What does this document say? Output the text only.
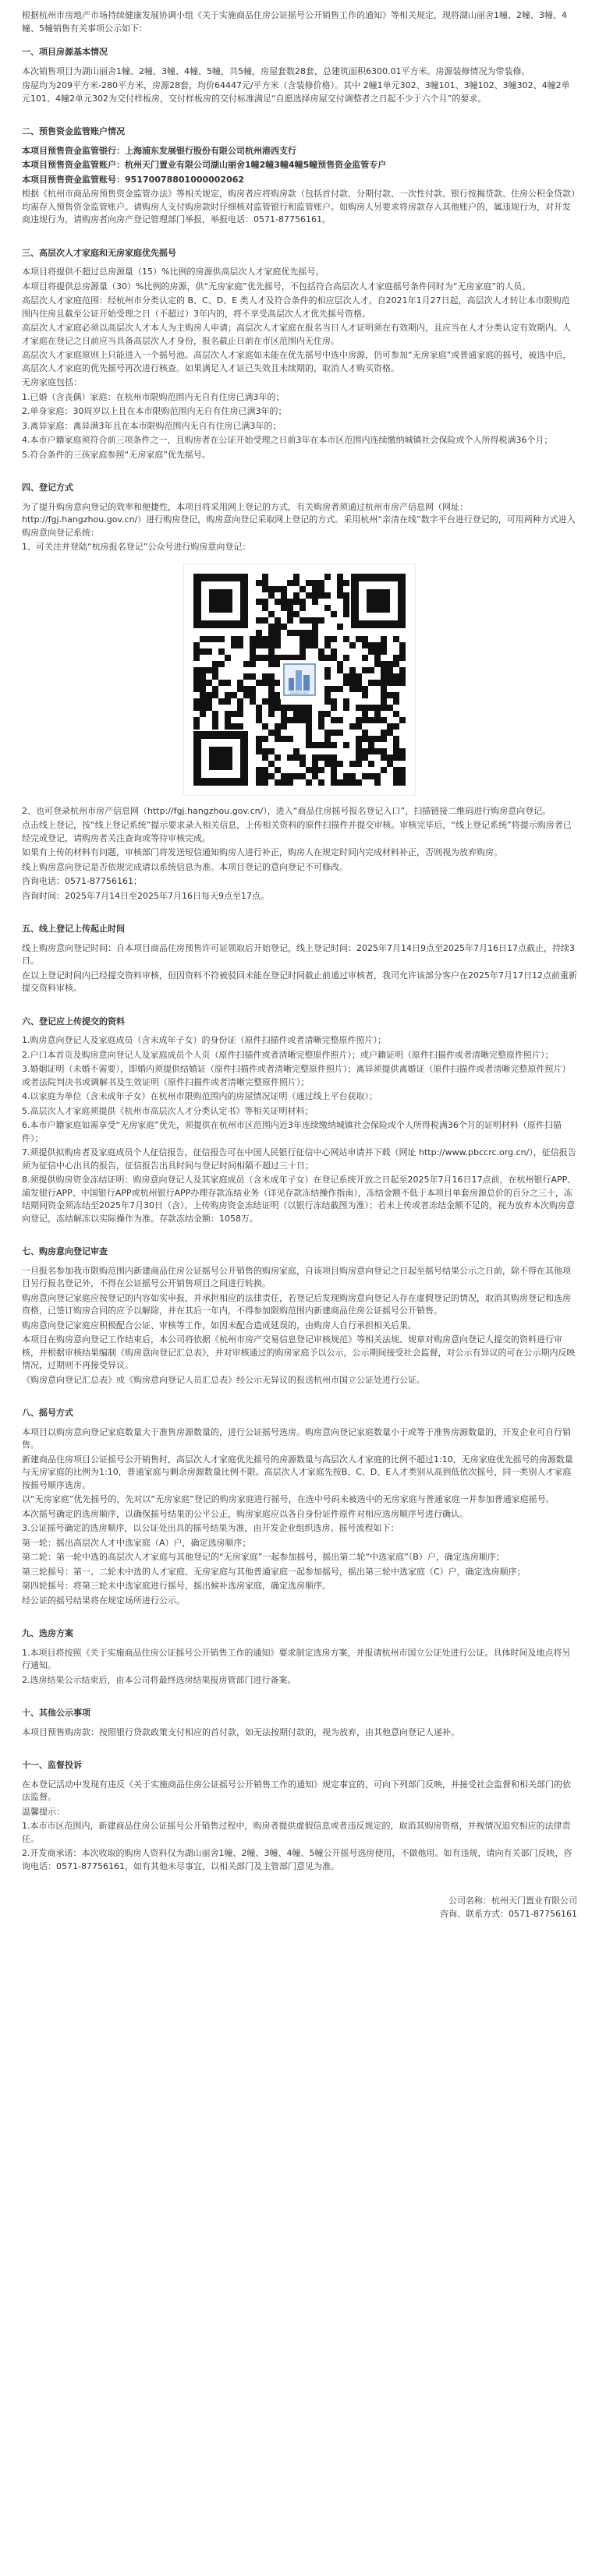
根据杭州市房地产市场持续健康发展协调小组《关于实施商品住房公证摇号公开销售工作的通知》等相关规定，现将湖山丽舍1幢、2幢、3幢、4幢、5幢销售有关事项公示如下：

一、项目房源基本情况

本次销售项目为湖山丽舍1幢、2幢、3幢、4幢、5幢，共5幢，房屋套数28套，总建筑面积6300.01平方米。房源装修情况为带装修。

房屋均为209平方米-280平方米，房源28套，均价64447元/平方米（含装修价格）。其中 2幢1单元302、3幢101、3幢102、3幢302、4幢2单元101、4幢2单元302为交付样板房，交付样板房的交付标准满足“自愿选择房屋交付调整者之日起不少于六个月”的要求。

二、预售资金监管账户情况

本项目预售资金监管银行：上海浦东发展银行股份有限公司杭州港西支行

本项目预售资金监管账户：杭州天门置业有限公司湖山丽舍1幢2幢3幢4幢5幢预售资金监管专户

本项目预售资金监管账号：95170078801000002062

根据《杭州市商品房预售资金监管办法》等相关规定，购房者应将购房款（包括首付款、分期付款、一次性付款、银行按揭贷款、住房公积金贷款）均需存入预售资金监管账户。请购房人支付购房款时仔细核对监管银行和监管账户。如购房人另要求将房款存入其他账户的，属违规行为，对开发商违规行为，请购房者向房产登记管理部门举报，举报电话：0571-87756161。

三、高层次人才家庭和无房家庭优先摇号

本项目将提供不超过总房源量（15）%比例的房源供高层次人才家庭优先摇号。

本项目将提供总房源量（30）%比例的房源，供“无房家庭”优先摇号，不包括符合高层次人才家庭摇号条件同时为“无房家庭”的人员。

高层次人才家庭范围：经杭州市分类认定的 B、C、D、E 类人才及符合条件的相应层次人才。自2021年1月27日起，高层次人才转让本市限购范围内住房且截至公证开始受理之日（不超过）3年内的，将不享受高层次人才优先摇号资格。

高层次人才家庭必须以高层次人才本人为主购房人申请；高层次人才家庭在报名当日人才证明须在有效期内，且应当在人才分类认定有效期内。人才家庭在登记之日前应当具备高层次人才身份，报名截止日前在市区范围内无住房。

高层次人才家庭原则上只能进入一个摇号池。高层次人才家庭如未能在优先摇号中选中房源，仍可参加“无房家庭”或普通家庭的摇号，被选中后，高层次人才家庭的优先摇号再次进行核查。如果满足人才证已失效且未续期的，取消人才购买资格。

无房家庭包括：

1.已婚（含丧偶）家庭：在杭州市限购范围内无自有住房已满3年的；

2.单身家庭：30周岁以上且在本市限购范围内无自有住房已满3年的；

3.离异家庭：离异满3年且在本市限购范围内无自有住房已满3年的；

4.本市户籍家庭须符合前三项条件之一，且购房者在公证开始受理之日前3年在本市区范围内连续缴纳城镇社会保险或个人所得税满36个月；

5.符合条件的三孩家庭参照“无房家庭”优先摇号。

四、登记方式

为了提升购房意向登记的效率和便捷性，本项目将采用网上登记的方式，有关购房者须通过杭州市房产信息网（网址：http://fgj.hangzhou.gov.cn/）进行购房登记，购房意向登记采取网上登记的方式。采用杭州“亲清在线”数字平台进行登记的，可用两种方式进入购房意向登记系统：

1、可关注并登陆“杭房报名登记”公众号进行购房意向登记：

杭房报名登记

2、也可登录杭州市房产信息网（http://fgj.hangzhou.gov.cn/），进入“商品住房摇号报名登记入口”，扫描链接二维码进行购房意向登记。

点击线上登记，按“线上登记系统”提示要求录入相关信息，上传相关资料的原件扫描件并提交审核。审核完毕后，“线上登记系统”将提示购房者已经完成登记，请购房者关注查询或等待审核完成。

如果有上传的材料有问题，审核部门将发送短信通知购房人进行补正，购房人在规定时间内完成材料补正，否则视为放弃购房。

线上购房意向登记是否依规完成请以系统信息为准。本项目登记的意向登记不可修改。

咨询电话：0571-87756161；

咨询时间：2025年7月14日至2025年7月16日每天9点至17点。

五、线上登记上传起止时间

线上购房意向登记时间：自本项目商品住房预售许可证领取后开始登记，线上登记时间：2025年7月14日9点至2025年7月16日17点截止，持续3日。

在以上登记时间内已经提交资料审核，但因资料不符被驳回未能在登记时间截止前通过审核者，我司允许该部分客户在2025年7月17日12点前重新提交资料审核。

六、登记应上传提交的资料

1.购房意向登记人及家庭成员（含未成年子女）的身份证（原件扫描件或者清晰完整原件照片）；

2.户口本首页及购房意向登记人及家庭成员个人页（原件扫描件或者清晰完整原件照片）；或户籍证明（原件扫描件或者清晰完整原件照片）；

3.婚姻证明（未婚不需要），即婚内须提供结婚证（原件扫描件或者清晰完整原件照片）；离异须提供离婚证（原件扫描件或者清晰完整原件照片）或者法院判决书或调解书及生效证明（原件扫描件或者清晰完整原件照片）；

4.以家庭为单位（含未成年子女）在杭州市限购范围内的房屋情况证明（通过线上平台获取）；

5.高层次人才家庭须提供《杭州市高层次人才分类认定书》等相关证明材料；

6.本市户籍家庭如需享受“无房家庭”优先，须提供在杭州市区范围内近3年连续缴纳城镇社会保险或个人所得税满36个月的证明材料（原件扫描件）；

7.须提供拟购房者及家庭成员个人征信报告，征信报告可在中国人民银行征信中心网站申请并下载（网址 http://www.pbccrc.org.cn/），征信报告须为征信中心出具的报告，征信报告出具时间与登记时间相隔不超过三十日；

8.须提供购房资金冻结证明：购房意向登记人及其家庭成员（含未成年子女）在登记系统开放之日起至2025年7月16日17点前，在杭州银行APP、浦发银行APP、中国银行APP或杭州银行APP办理存款冻结业务（详见存款冻结操作指南），冻结金额不低于本项目单套房源总价的百分之三十，冻结期间资金须冻结至2025年7月30日（含），上传购房资金冻结证明（以银行冻结截图为准）；若未上传或者冻结金额不足的，视为放弃本次购房意向登记，冻结解冻以实际操作为准。存款冻结金额：1058万。

七、购房意向登记审查

一旦报名参加我市限购范围内新建商品住房公证摇号公开销售的购房家庭，自该项目购房意向登记之日起至摇号结果公示之日前，除不得在其他项目另行报名登记外，不得在公证摇号公开销售项目之间进行转换。

购房意向登记家庭应按登记的内容如实申报，并承担相应的法律责任，若登记后发现购房意向登记人存在虚假登记的情况，取消其购房登记和选房资格，已签订购房合同的应予以解除，并在其后一年内，不得参加限购范围内新建商品住房公证摇号公开销售。

购房意向登记家庭应积极配合公证、审核等工作，如因未配合造成延误的，由购房人自行承担相关后果。

本项目在购房意向登记工作结束后，本公司将依据《杭州市房产交易信息登记审核规范》等相关法规、规章对购房意向登记人提交的资料进行审核，并根据审核结果编制《购房意向登记汇总表》，并对审核通过的购房家庭予以公示，公示期间接受社会监督，对公示有异议的可在公示期内反映情况，过期则不再接受异议。

《购房意向登记汇总表》或《购房意向登记人员汇总表》经公示无异议的报送杭州市国立公证处进行公证。

八、摇号方式

本项目以购房意向登记家庭数量大于准售房源数量的，进行公证摇号选房。购房意向登记家庭数量小于或等于准售房源数量的，开发企业可自行销售。

新建商品住房项目公证摇号公开销售时，高层次人才家庭优先摇号的房源数量与高层次人才家庭的比例不超过1:10，无房家庭优先摇号的房源数量与无房家庭的比例为1:10，普通家庭与剩余房源数量比例不限。高层次人才家庭先按B、C、D、E人才类别从高到低依次摇号，同一类别人才家庭按摇号顺序选房。

以“无房家庭”优先摇号的，先对以“无房家庭”登记的购房家庭进行摇号，在选中号码未被选中的无房家庭与普通家庭一并参加普通家庭摇号。

本次摇号确定的选房顺序，以确保摇号结果的公平公正，购房家庭应以各自身份证件原件对相应选房顺序号进行确认。

3.公证摇号确定的选房顺序，以公证处出具的摇号结果为准，由开发企业组织选房。摇号流程如下：

第一轮：摇出高层次人才中选家庭（A）户，确定选房顺序；

第二轮：第一轮中选的高层次人才家庭与其他登记的“无房家庭”一起参加摇号，摇出第二轮“中选家庭”（B）户，确定选房顺序；

第三轮摇号：第一、二轮未中选的人才家庭、无房家庭与其他普通家庭一起参加摇号，摇出第三轮中选家庭（C）户，确定选房顺序；

第四轮摇号：将第三轮未中选家庭进行摇号，摇出候补选房家庭，确定选房顺序。

经公证的摇号结果将在规定场所进行公示。

九、选房方案

1.本项目将按照《关于实施商品住房公证摇号公开销售工作的通知》要求制定选房方案，并报请杭州市国立公证处进行公证。具体时间及地点将另行通知。

2.选房结果公示结束后，由本公司将最终选房结果报房管部门进行备案。

十、其他公示事项

本项目预售购房款：按照银行贷款政策支付相应的首付款，如无法按期付款的，视为放弃，由其他意向登记人递补。

十一、监督投诉

在本登记活动中发现有违反《关于实施商品住房公证摇号公开销售工作的通知》规定事宜的，可向下列部门反映，并接受社会监督和相关部门的依法监督。

温馨提示：

1.本市市区范围内，新建商品住房公证摇号公开销售过程中，购房者提供虚假信息或者违反规定的，取消其购房资格，并视情况追究相应的法律责任。

2.开发商承诺：本次收取的购房人资料仅为湖山丽舍1幢、2幢、3幢、4幢、5幢公开摇号选房使用，不做他用。如有违规，请向有关部门反映，咨询电话：0571-87756161，如有其他未尽事宜，以相关部门及主管部门意见为准。

公司名称：杭州天门置业有限公司

咨询、联系方式：0571-87756161
